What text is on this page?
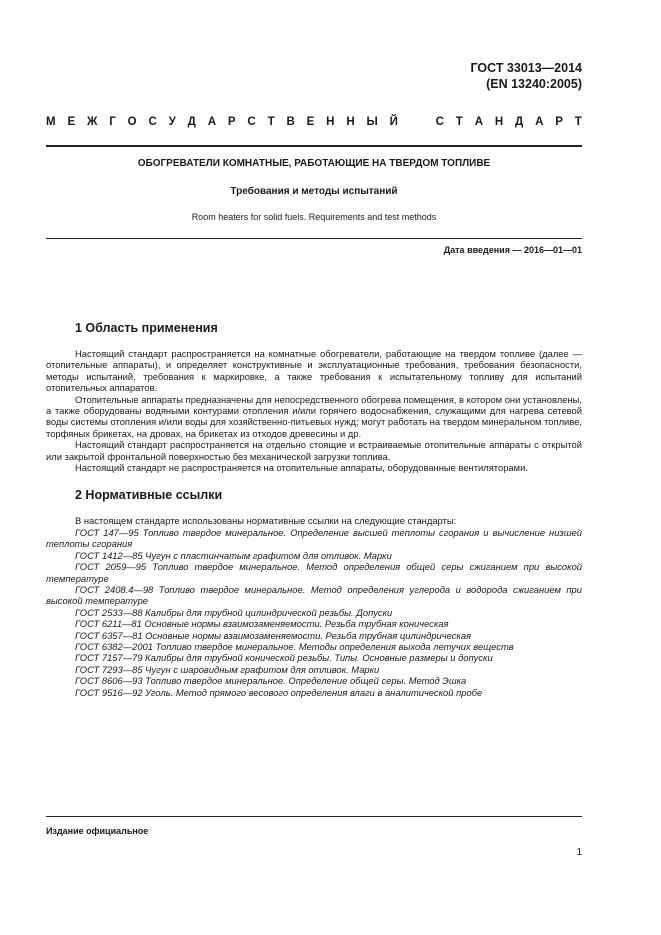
ГОСТ 33013—2014
(EN 13240:2005)
М Е Ж Г О С У Д А Р С Т В Е Н Н Ы Й	С Т А Н Д А Р Т
ОБОГРЕВАТЕЛИ КОМНАТНЫЕ, РАБОТАЮЩИЕ НА ТВЕРДОМ ТОПЛИВЕ
Требования и методы испытаний
Room heaters for solid fuels. Requirements and test methods
Дата введения — 2016—01—01
1 Область применения

Настоящий стандарт распространяется на комнатные обогреватели, работающие на твердом топливе (далее — отопительные аппараты), и определяет конструктивные и эксплуатационные требования, требования безопасности, методы испытаний, требования к маркировке, а также требования к испытательному топливу для испытаний отопительных аппаратов.

Отопительные аппараты предназначены для непосредственного обогрева помещения, в котором они установлены, а также оборудованы водяными контурами отопления и/или горячего водоснабжения, служащими для нагрева сетевой воды системы отопления и/или воды для хозяйственно-питьевых нужд; могут работать на твердом минеральном топливе, торфяных брикетах, на дровах, на брикетах из отходов древесины и др.

Настоящий стандарт распространяется на отдельно стоящие и встраиваемые отопительные аппараты с открытой или закрытой фронтальной поверхностью без механической загрузки топлива.

Настоящий стандарт не распространяется на отопительные аппараты, оборудованные вентиляторами.

2 Нормативные ссылки

В настоящем стандарте использованы нормативные ссылки на следующие стандарты:

ГОСТ 147—95 Топливо твердое минеральное. Определение высшей теплоты сгорания и вычисление низшей теплоты сгорания

ГОСТ 1412—85 Чугун с пластинчатым графитом для отливок. Марки

ГОСТ 2059—95 Топливо твердое минеральное. Метод определения общей серы сжиганием при высокой температуре

ГОСТ 2408.4—98 Топливо твердое минеральное. Метод определения углерода и водорода сжиганием при высокой температуре

ГОСТ 2533—88 Калибры для трубной цилиндрической резьбы. Допуски

ГОСТ 6211—81 Основные нормы взаимозаменяемости. Резьба трубная коническая

ГОСТ 6357—81 Основные нормы взаимозаменяемости. Резьба трубная цилиндрическая

ГОСТ 6382—2001 Топливо твердое минеральное. Методы определения выхода летучих веществ

ГОСТ 7157—79 Калибры для трубной конической резьбы. Типы. Основные размеры и допуски

ГОСТ 7293—85 Чугун с шаровидным графитом для отливок. Марки

ГОСТ 8606—93 Топливо твердое минеральное. Определение общей серы. Метод Эшка

ГОСТ 9516—92 Уголь. Метод прямого весового определения влаги в аналитической пробе

Издание официальное
1
